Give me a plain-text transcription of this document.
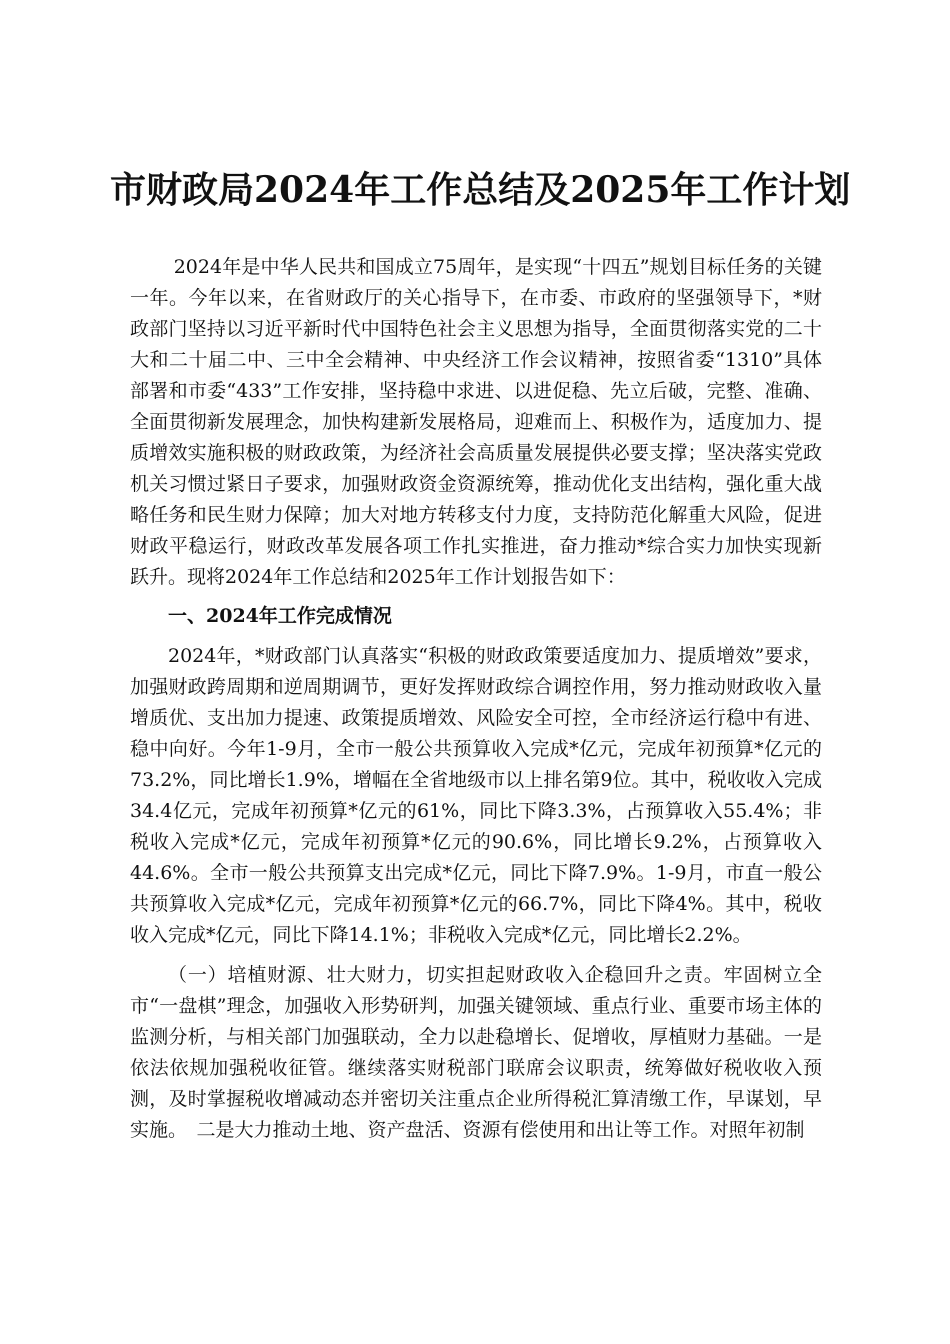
市财政局2024年工作总结及2025年工作计划

2024年是中华人民共和国成立75周年，是实现“十四五”规划目标任务的关键一年。今年以来，在省财政厅的关心指导下，在市委、市政府的坚强领导下，*财政部门坚持以习近平新时代中国特色社会主义思想为指导，全面贯彻落实党的二十大和二十届二中、三中全会精神、中央经济工作会议精神，按照省委“1310”具体部署和市委“433”工作安排，坚持稳中求进、以进促稳、先立后破，完整、准确、全面贯彻新发展理念，加快构建新发展格局，迎难而上、积极作为，适度加力、提质增效实施积极的财政政策，为经济社会高质量发展提供必要支撑；坚决落实党政机关习惯过紧日子要求，加强财政资金资源统筹，推动优化支出结构，强化重大战略任务和民生财力保障；加大对地方转移支付力度，支持防范化解重大风险，促进财政平稳运行，财政改革发展各项工作扎实推进，奋力推动*综合实力加快实现新跃升。现将2024年工作总结和2025年工作计划报告如下：

一、2024年工作完成情况

2024年，*财政部门认真落实“积极的财政政策要适度加力、提质增效”要求，加强财政跨周期和逆周期调节，更好发挥财政综合调控作用，努力推动财政收入量增质优、支出加力提速、政策提质增效、风险安全可控，全市经济运行稳中有进、稳中向好。今年1-9月，全市一般公共预算收入完成*亿元，完成年初预算*亿元的73.2%，同比增长1.9%，增幅在全省地级市以上排名第9位。其中，税收收入完成34.4亿元，完成年初预算*亿元的61%，同比下降3.3%，占预算收入55.4%；非税收入完成*亿元，完成年初预算*亿元的90.6%，同比增长9.2%，占预算收入44.6%。全市一般公共预算支出完成*亿元，同比下降7.9%。1-9月，市直一般公共预算收入完成*亿元，完成年初预算*亿元的66.7%，同比下降4%。其中，税收收入完成*亿元，同比下降14.1%；非税收入完成*亿元，同比增长2.2%。

（一）培植财源、壮大财力，切实担起财政收入企稳回升之责。牢固树立全市“一盘棋”理念，加强收入形势研判，加强关键领域、重点行业、重要市场主体的监测分析，与相关部门加强联动，全力以赴稳增长、促增收，厚植财力基础。一是依法依规加强税收征管。继续落实财税部门联席会议职责，统筹做好税收收入预测，及时掌握税收增减动态并密切关注重点企业所得税汇算清缴工作，早谋划，早实施。　二是大力推动土地、资产盘活、资源有偿使用和出让等工作。对照年初制
